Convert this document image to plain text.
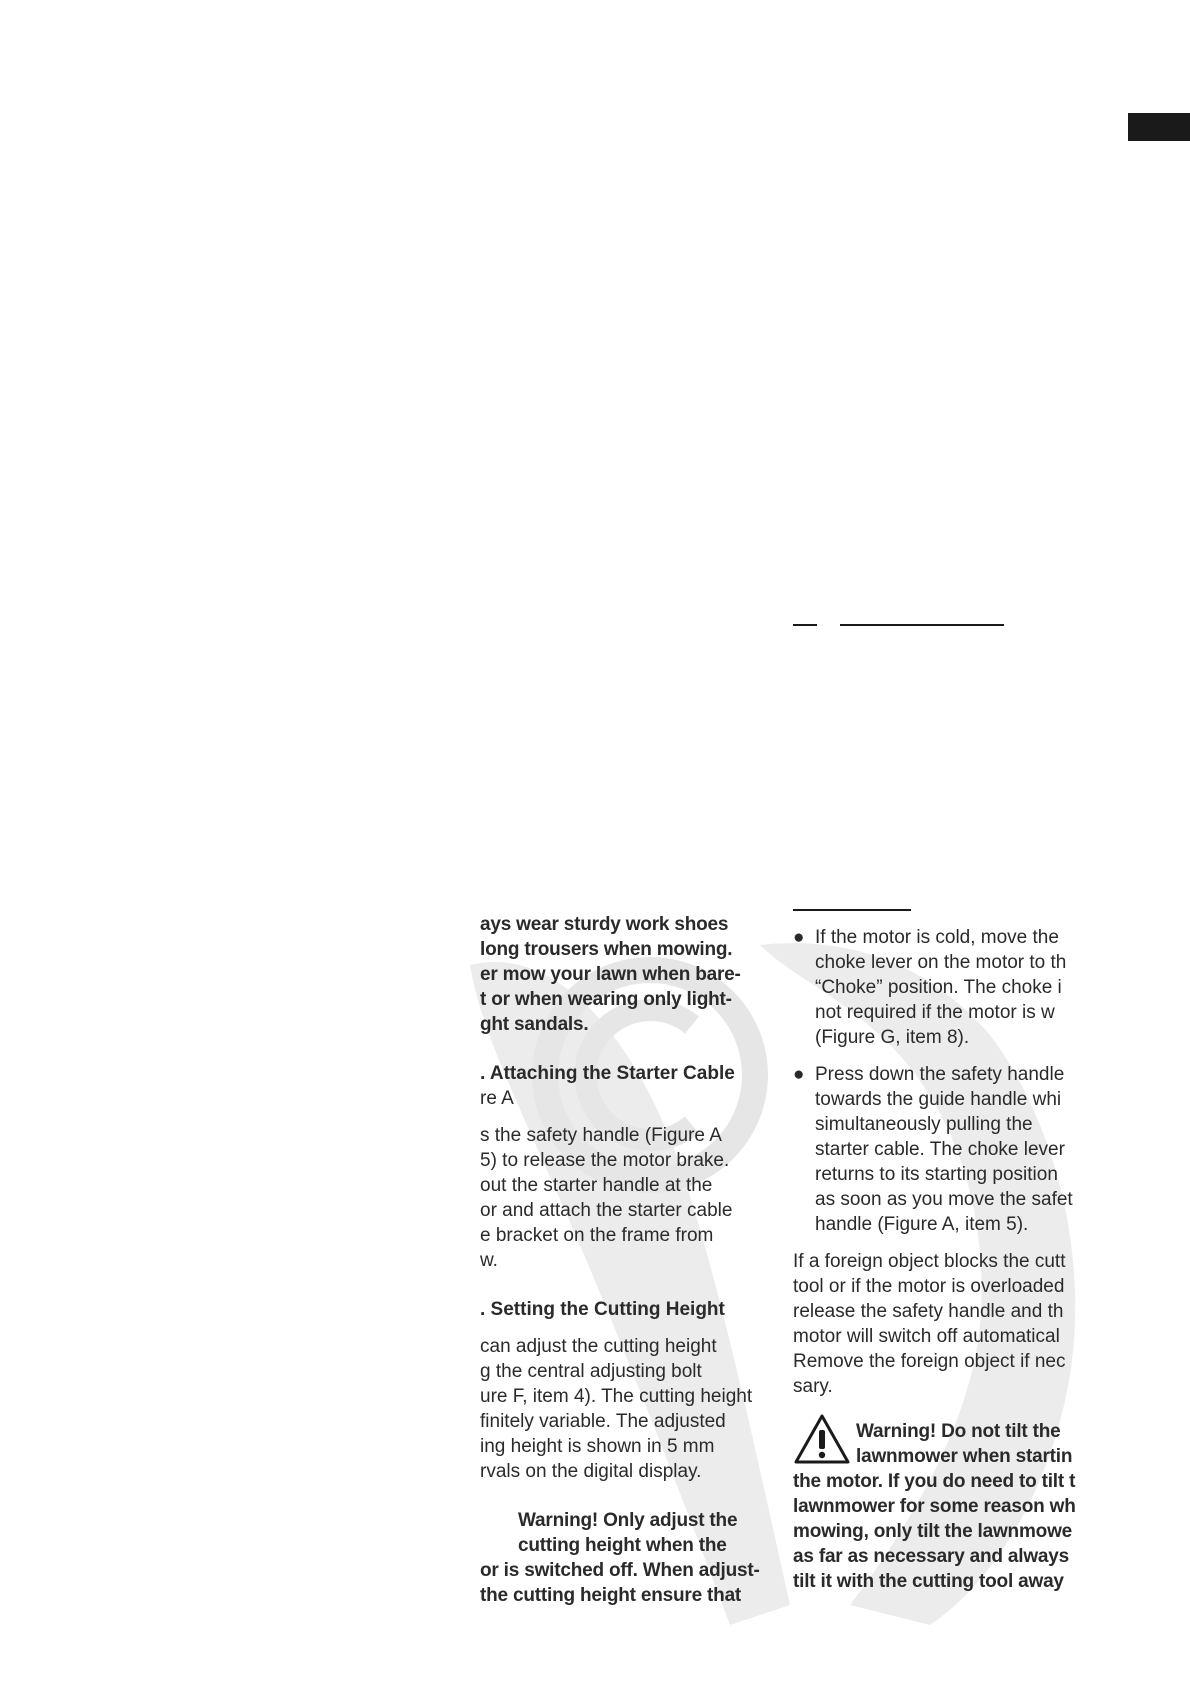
ays wear sturdy work shoes
long trousers when mowing.
er mow your lawn when bare-
t or when wearing only light-
ght sandals.
. Attaching the Starter Cable
re A
s the safety handle (Figure A
5) to release the motor brake.
out the starter handle at the
or and attach the starter cable
e bracket on the frame from
w.
. Setting the Cutting Height
can adjust the cutting height
g the central adjusting bolt
ure F, item 4). The cutting height
finitely variable. The adjusted
ing height is shown in 5 mm
rvals on the digital display.
Warning! Only adjust the
cutting height when the
or is switched off. When adjust-
the cutting height ensure that
● If the motor is cold, move the
choke lever on the motor to th
“Choke” position. The choke i
not required if the motor is w
(Figure G, item 8).
● Press down the safety handle
towards the guide handle whi
simultaneously pulling the
starter cable. The choke lever
returns to its starting position
as soon as you move the safet
handle (Figure A, item 5).
If a foreign object blocks the cutt
tool or if the motor is overloaded
release the safety handle and th
motor will switch off automatical
Remove the foreign object if nec
sary.
Warning! Do not tilt the
lawnmower when startin
the motor. If you do need to tilt t
lawnmower for some reason wh
mowing, only tilt the lawnmowe
as far as necessary and always
tilt it with the cutting tool away
